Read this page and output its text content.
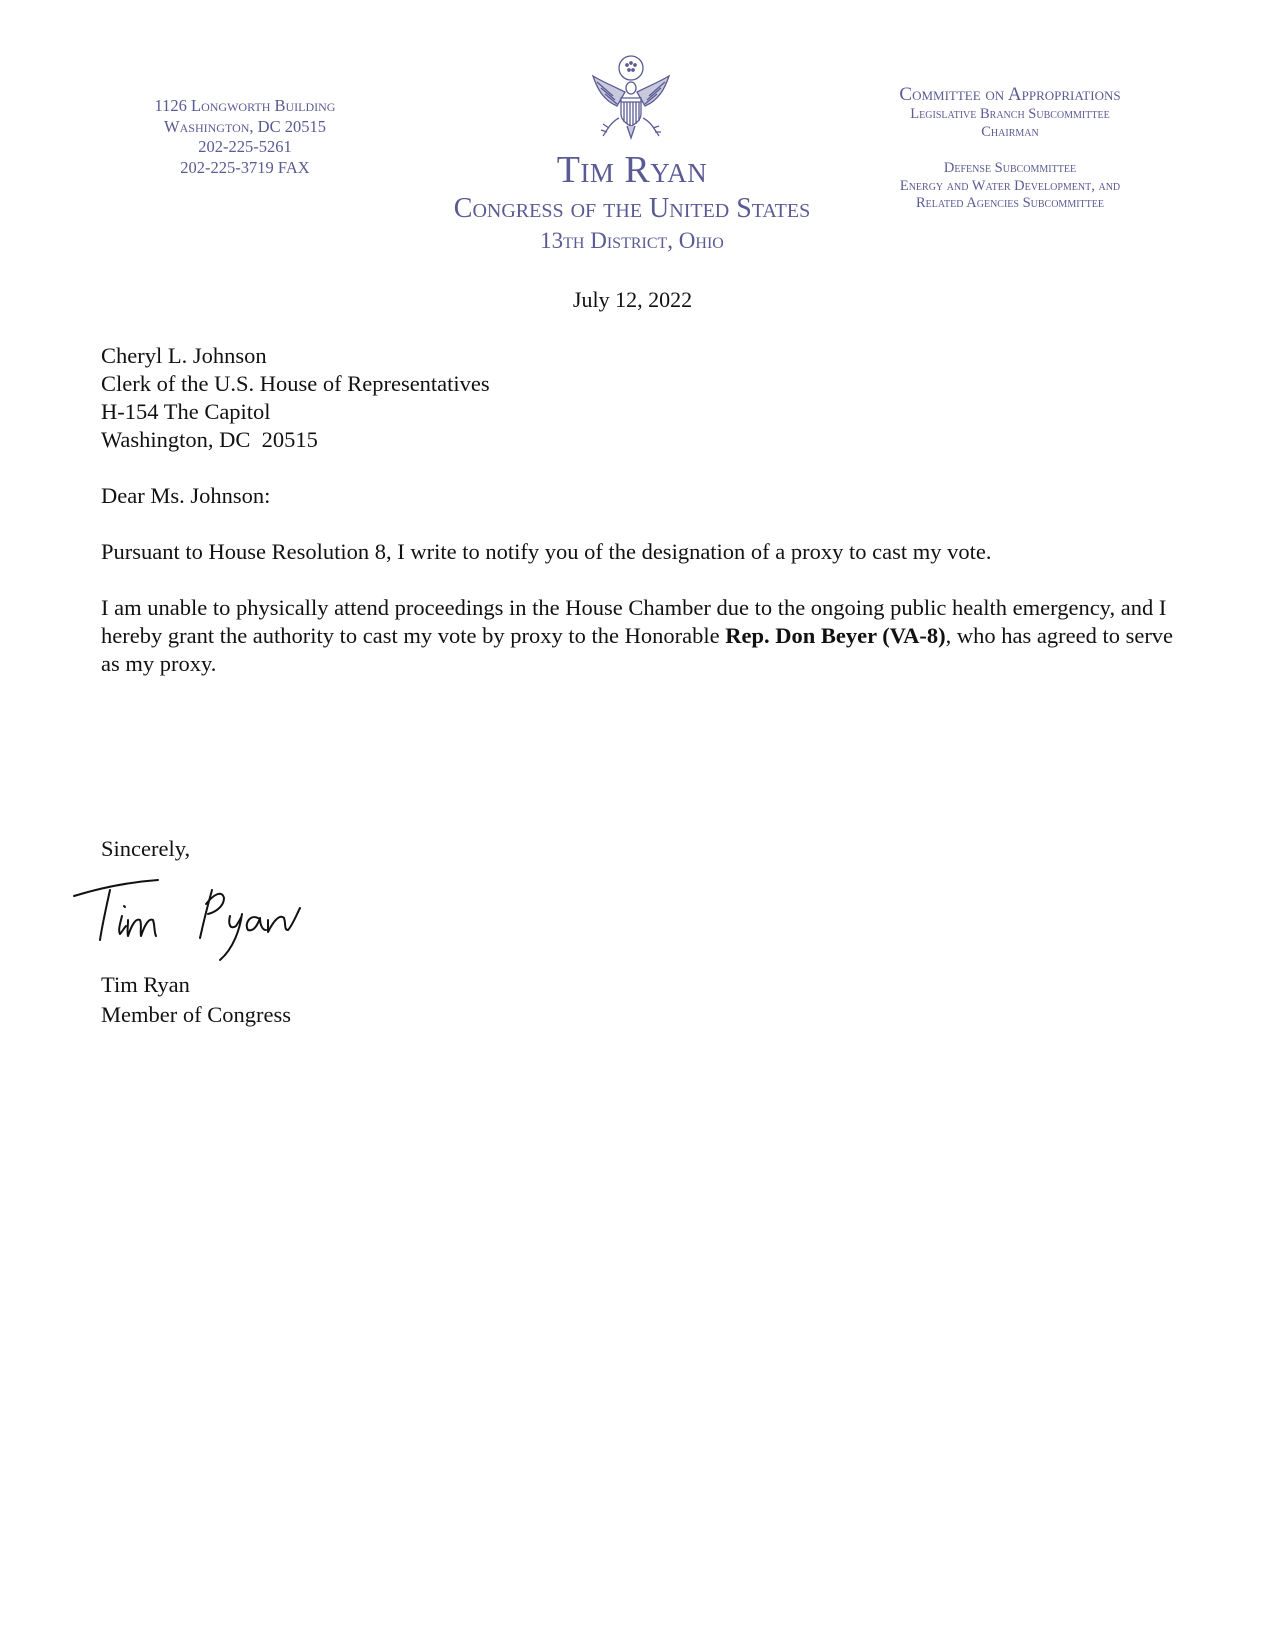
1126 Longworth Building
Washington, DC 20515
202-225-5261
202-225-3719 FAX	Tim Ryan
Congress of the United States
13th District, Ohio
Committee on Appropriations
Legislative Branch Subcommittee
Chairman
Defense Subcommittee
Energy and Water Development, and
Related Agencies Subcommittee
July 12, 2022
Cheryl L. Johnson
Clerk of the U.S. House of Representatives
H-154 The Capitol
Washington, DC  20515
Dear Ms. Johnson:
Pursuant to House Resolution 8, I write to notify you of the designation of a proxy to cast my vote.
I am unable to physically attend proceedings in the House Chamber due to the ongoing public health emergency, and I hereby grant the authority to cast my vote by proxy to the Honorable Rep. Don Beyer (VA-8), who has agreed to serve as my proxy.
Sincerely,
Tim Ryan
Member of Congress
